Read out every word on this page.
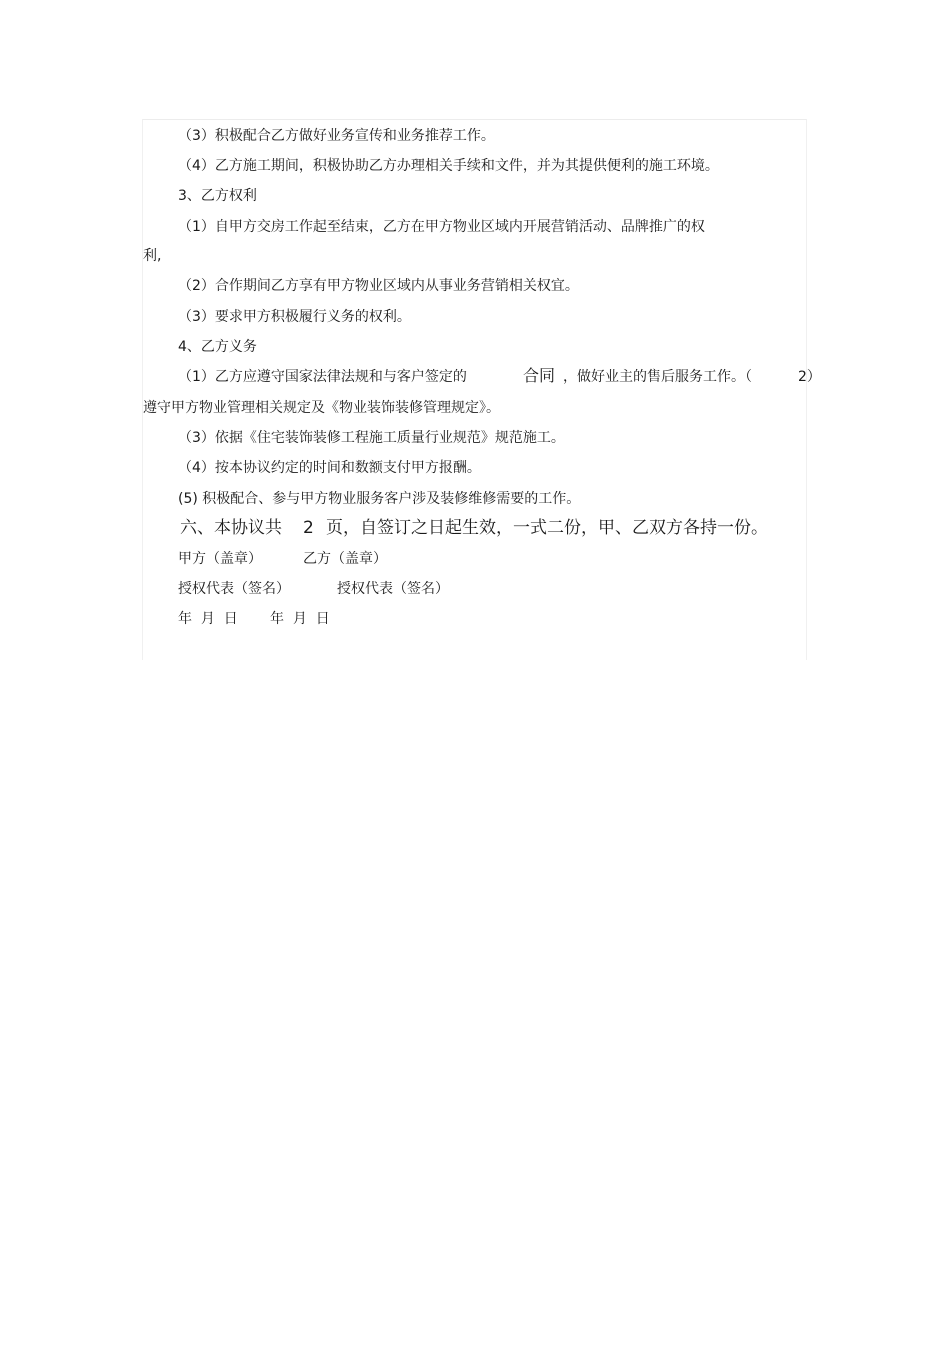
（3）积极配合乙方做好业务宣传和业务推荐工作。
（4）乙方施工期间，积极协助乙方办理相关手续和文件，并为其提供便利的施工环境。
3、乙方权利
（1）自甲方交房工作起至结束，乙方在甲方物业区域内开展营销活动、品牌推广的权
利,
（2）合作期间乙方享有甲方物业区域内从事业务营销相关权宜。
（3）要求甲方积极履行义务的权利。
4、乙方义务
（1）乙方应遵守国家法律法规和与客户签定的	合同 ，做好业主的售后服务工作。（	2）
遵守甲方物业管理相关规定及《物业装饰装修管理规定》。
（3）依据《住宅装饰装修工程施工质量行业规范》规范施工。
（4）按本协议约定的时间和数额支付甲方报酬。
(5) 积极配合、参与甲方物业服务客户涉及装修维修需要的工作。
六、本协议共 2 页，自签订之日起生效，一式二份，甲、乙双方各持一份。
甲方（盖章）	乙方（盖章）
授权代表（签名）	授权代表（签名）
年  月  日 年  月  日
